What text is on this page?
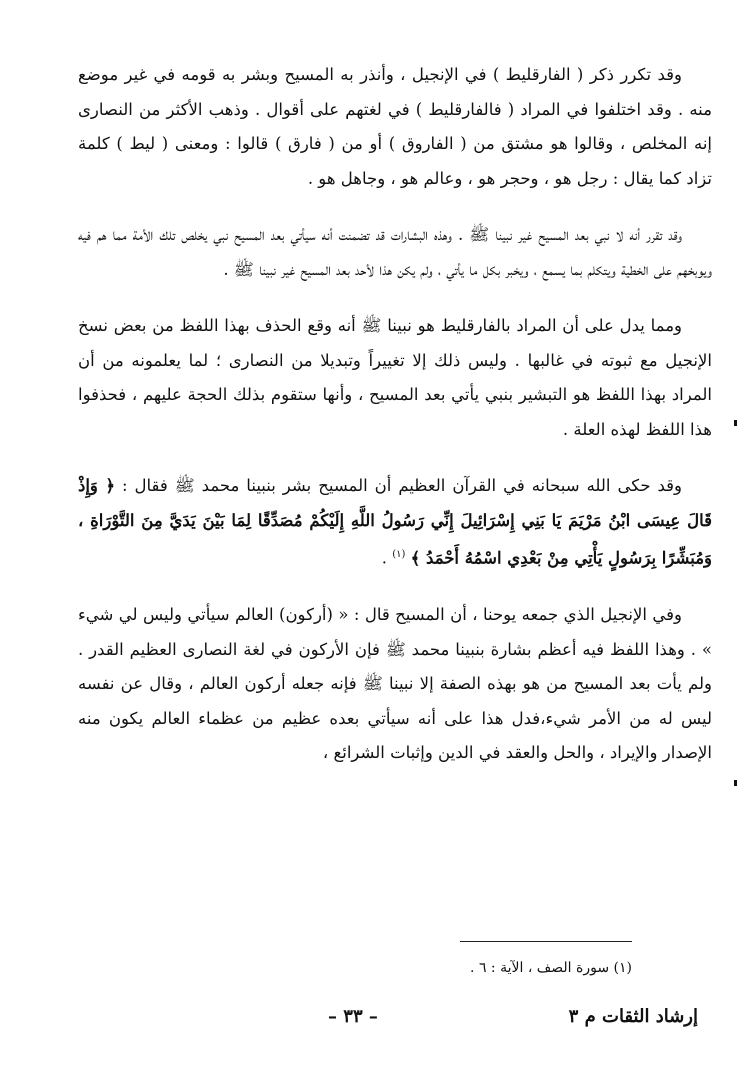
وقد تكرر ذكر ( الفارقليط ) في الإنجيل ، وأنذر به المسيح وبشر به قومه في غير موضع منه . وقد اختلفوا في المراد ( فالفارقليط ) في لغتهم على أقوال . وذهب الأكثر من النصارى إنه المخلص ، وقالوا هو مشتق من ( الفاروق ) أو من ( فارق ) قالوا : ومعنى ( ليط ) كلمة تزاد كما يقال : رجل هو ، وحجر هو ، وعالم هو ، وجاهل هو .

وقد تقرر أنه لا نبي بعد المسيح غير نبينا ﷺ . وهذه البشارات قد تضمنت أنه سيأتي بعد المسيح نبي يخلص تلك الأمة مما هم فيه ويوبخهم على الخطية ويتكلم بما يسمع ، ويخبر بكل ما يأتي ، ولم يكن هذا لأحد بعد المسيح غير نبينا ﷺ .

ومما يدل على أن المراد بالفارقليط هو نبينا ﷺ أنه وقع الحذف بهذا اللفظ من بعض نسخ الإنجيل مع ثبوته في غالبها . وليس ذلك إلا تغييراً وتبديلا من النصارى ؛ لما يعلمونه من أن المراد بهذا اللفظ هو التبشير بنبي يأتي بعد المسيح ، وأنها ستقوم بذلك الحجة عليهم ، فحذفوا هذا اللفظ لهذه العلة .

وقد حكى الله سبحانه في القرآن العظيم أن المسيح بشر بنبينا محمد ﷺ فقال : ﴿ وَإِذْ قَالَ عِيسَى ابْنُ مَرْيَمَ يَا بَنِي إِسْرَائِيلَ إِنِّي رَسُولُ اللَّهِ إِلَيْكُمْ مُصَدِّقًا لِمَا بَيْنَ يَدَيَّ مِنَ التَّوْرَاةِ ، وَمُبَشِّرًا بِرَسُولٍ يَأْتِي مِنْ بَعْدِي اسْمُهُ أَحْمَدُ ﴾ $^{(١)}$ .

وفي الإنجيل الذي جمعه يوحنا ، أن المسيح قال : « (أركون) العالم سيأتي وليس لي شيء » . وهذا اللفظ فيه أعظم بشارة بنبينا محمد ﷺ فإن الأركون في لغة النصارى العظيم القدر . ولم يأت بعد المسيح من هو بهذه الصفة إلا نبينا ﷺ فإنه جعله أركون العالم ، وقال عن نفسه ليس له من الأمر شيء،فدل هذا على أنه سيأتي بعده عظيم من عظماء العالم يكون منه الإصدار والإيراد ، والحل والعقد في الدين وإثبات الشرائع ،

(١) سورة الصف ، الآية : ٦ .
إرشاد الثقات م ٣
– ٣٣ –
